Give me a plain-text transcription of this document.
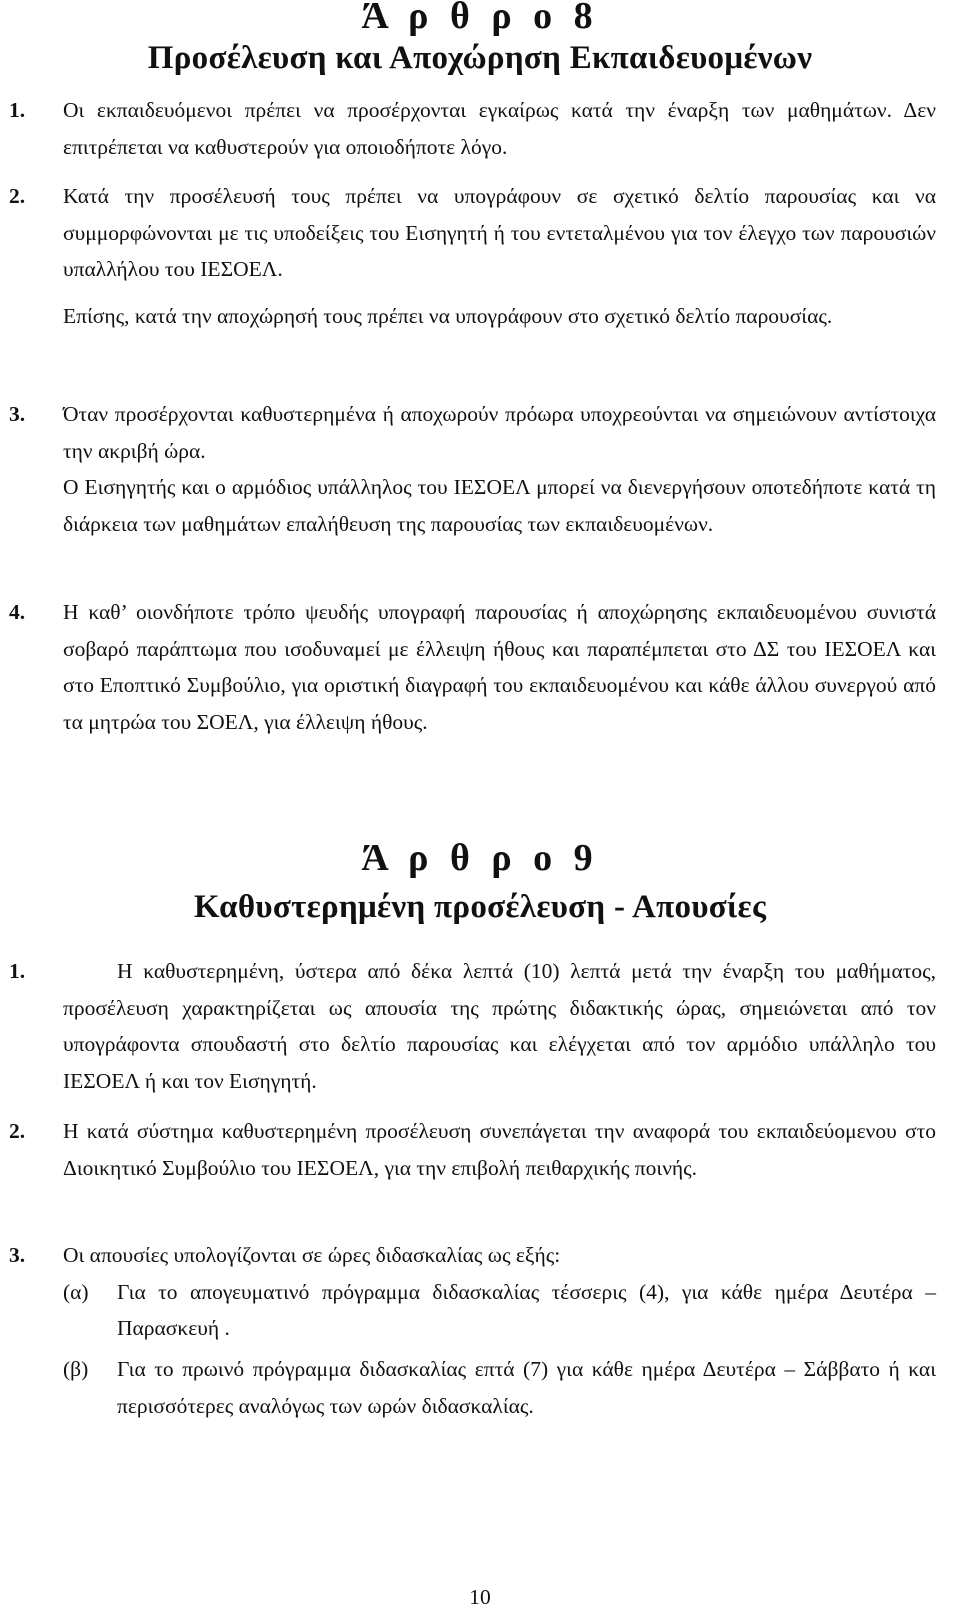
Ά ρ θ ρ ο 8
Προσέλευση και Αποχώρηση Εκπαιδευομένων
1. Οι εκπαιδευόμενοι πρέπει να προσέρχονται εγκαίρως κατά την έναρξη των μαθημάτων. Δεν επιτρέπεται να καθυστερούν για οποιοδήποτε λόγο.

2. Κατά την προσέλευσή τους πρέπει να υπογράφουν σε σχετικό δελτίο παρουσίας και να συμμορφώνονται με τις υποδείξεις του Εισηγητή ή του εντεταλμένου για τον έλεγχο των παρουσιών υπαλλήλου του ΙΕΣΟΕΛ.

Επίσης, κατά την αποχώρησή τους πρέπει να υπογράφουν στο σχετικό δελτίο παρουσίας.

3. Όταν προσέρχονται καθυστερημένα ή αποχωρούν πρόωρα υποχρεούνται να σημειώνουν αντίστοιχα την ακριβή ώρα.

Ο Εισηγητής και ο αρμόδιος υπάλληλος του ΙΕΣΟΕΛ μπορεί να διενεργήσουν οποτεδήποτε κατά τη διάρκεια των μαθημάτων επαλήθευση της παρουσίας των εκπαιδευομένων.

4. Η καθ’ οιονδήποτε τρόπο ψευδής υπογραφή παρουσίας ή αποχώρησης εκπαιδευομένου συνιστά σοβαρό παράπτωμα που ισοδυναμεί με έλλειψη ήθους και παραπέμπεται στο ΔΣ του ΙΕΣΟΕΛ και στο Εποπτικό Συμβούλιο, για οριστική διαγραφή του εκπαιδευομένου και κάθε άλλου συνεργού από τα μητρώα του ΣΟΕΛ, για έλλειψη ήθους.

Ά ρ θ ρ ο 9
Καθυστερημένη προσέλευση - Απουσίες
1.	Η καθυστερημένη, ύστερα από δέκα λεπτά (10) λεπτά μετά την έναρξη του μαθήματος, προσέλευση χαρακτηρίζεται ως απουσία της πρώτης διδακτικής ώρας, σημειώνεται από τον υπογράφοντα σπουδαστή στο δελτίο παρουσίας και ελέγχεται από τον αρμόδιο υπάλληλο του ΙΕΣΟΕΛ ή και τον Εισηγητή.

2. Η κατά σύστημα καθυστερημένη προσέλευση συνεπάγεται την αναφορά του εκπαιδεύομενου στο Διοικητικό Συμβούλιο του ΙΕΣΟΕΛ, για την επιβολή πειθαρχικής ποινής.

3. Οι απουσίες υπολογίζονται σε ώρες διδασκαλίας ως εξής:

(α) Για το απογευματινό πρόγραμμα διδασκαλίας τέσσερις (4), για κάθε ημέρα Δευτέρα – Παρασκευή .

(β) Για το πρωινό πρόγραμμα διδασκαλίας επτά (7) για κάθε ημέρα Δευτέρα – Σάββατο ή και περισσότερες αναλόγως των ωρών διδασκαλίας.

10
